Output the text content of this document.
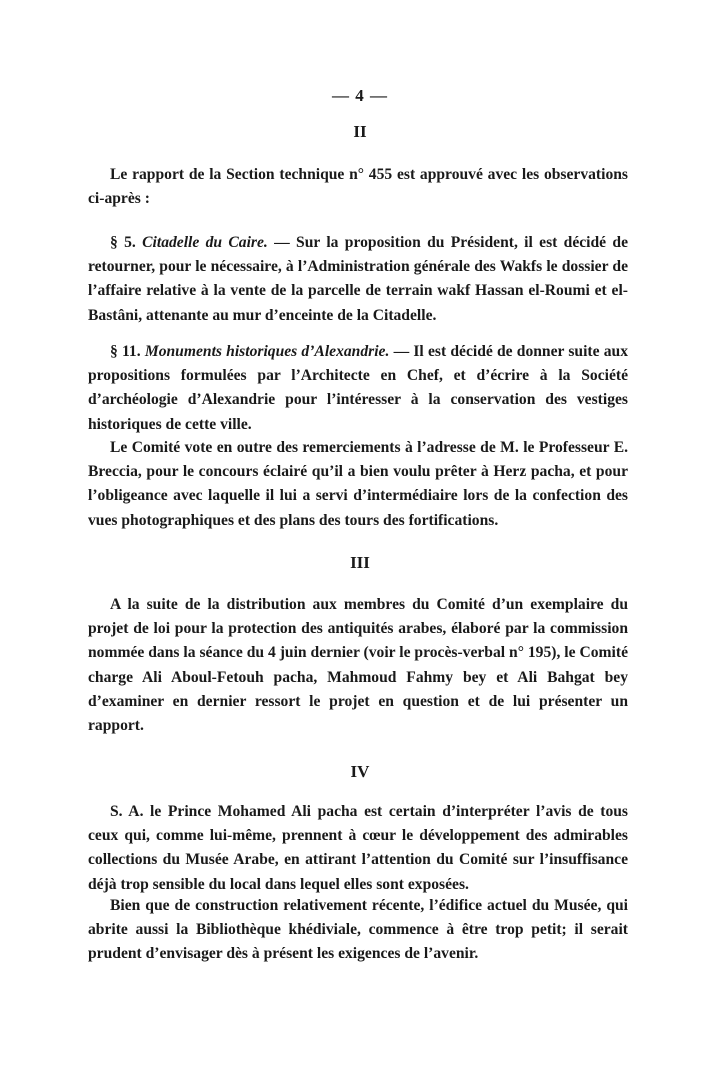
— 4 —
II

Le rapport de la Section technique n° 455 est approuvé avec les observations ci-après :

§ 5. Citadelle du Caire. — Sur la proposition du Président, il est décidé de retourner, pour le nécessaire, à l’Administration générale des Wakfs le dossier de l’affaire relative à la vente de la parcelle de terrain wakf Hassan el-Roumi et el-Bastâni, attenante au mur d’enceinte de la Citadelle.

§ 11. Monuments historiques d’Alexandrie. — Il est décidé de donner suite aux propositions formulées par l’Architecte en Chef, et d’écrire à la Société d’archéologie d’Alexandrie pour l’intéresser à la conservation des vestiges historiques de cette ville.

Le Comité vote en outre des remerciements à l’adresse de M. le Professeur E. Breccia, pour le concours éclairé qu’il a bien voulu prêter à Herz pacha, et pour l’obligeance avec laquelle il lui a servi d’intermédiaire lors de la confection des vues photographiques et des plans des tours des fortifications.

III

A la suite de la distribution aux membres du Comité d’un exemplaire du projet de loi pour la protection des antiquités arabes, élaboré par la commission nommée dans la séance du 4 juin dernier (voir le procès-verbal n° 195), le Comité charge Ali Aboul-Fetouh pacha, Mahmoud Fahmy bey et Ali Bahgat bey d’examiner en dernier ressort le projet en question et de lui présenter un rapport.

IV

S. A. le Prince Mohamed Ali pacha est certain d’interpréter l’avis de tous ceux qui, comme lui-même, prennent à cœur le développement des admirables collections du Musée Arabe, en attirant l’attention du Comité sur l’insuffisance déjà trop sensible du local dans lequel elles sont exposées.

Bien que de construction relativement récente, l’édifice actuel du Musée, qui abrite aussi la Bibliothèque khédiviale, commence à être trop petit; il serait prudent d’envisager dès à présent les exigences de l’avenir.
